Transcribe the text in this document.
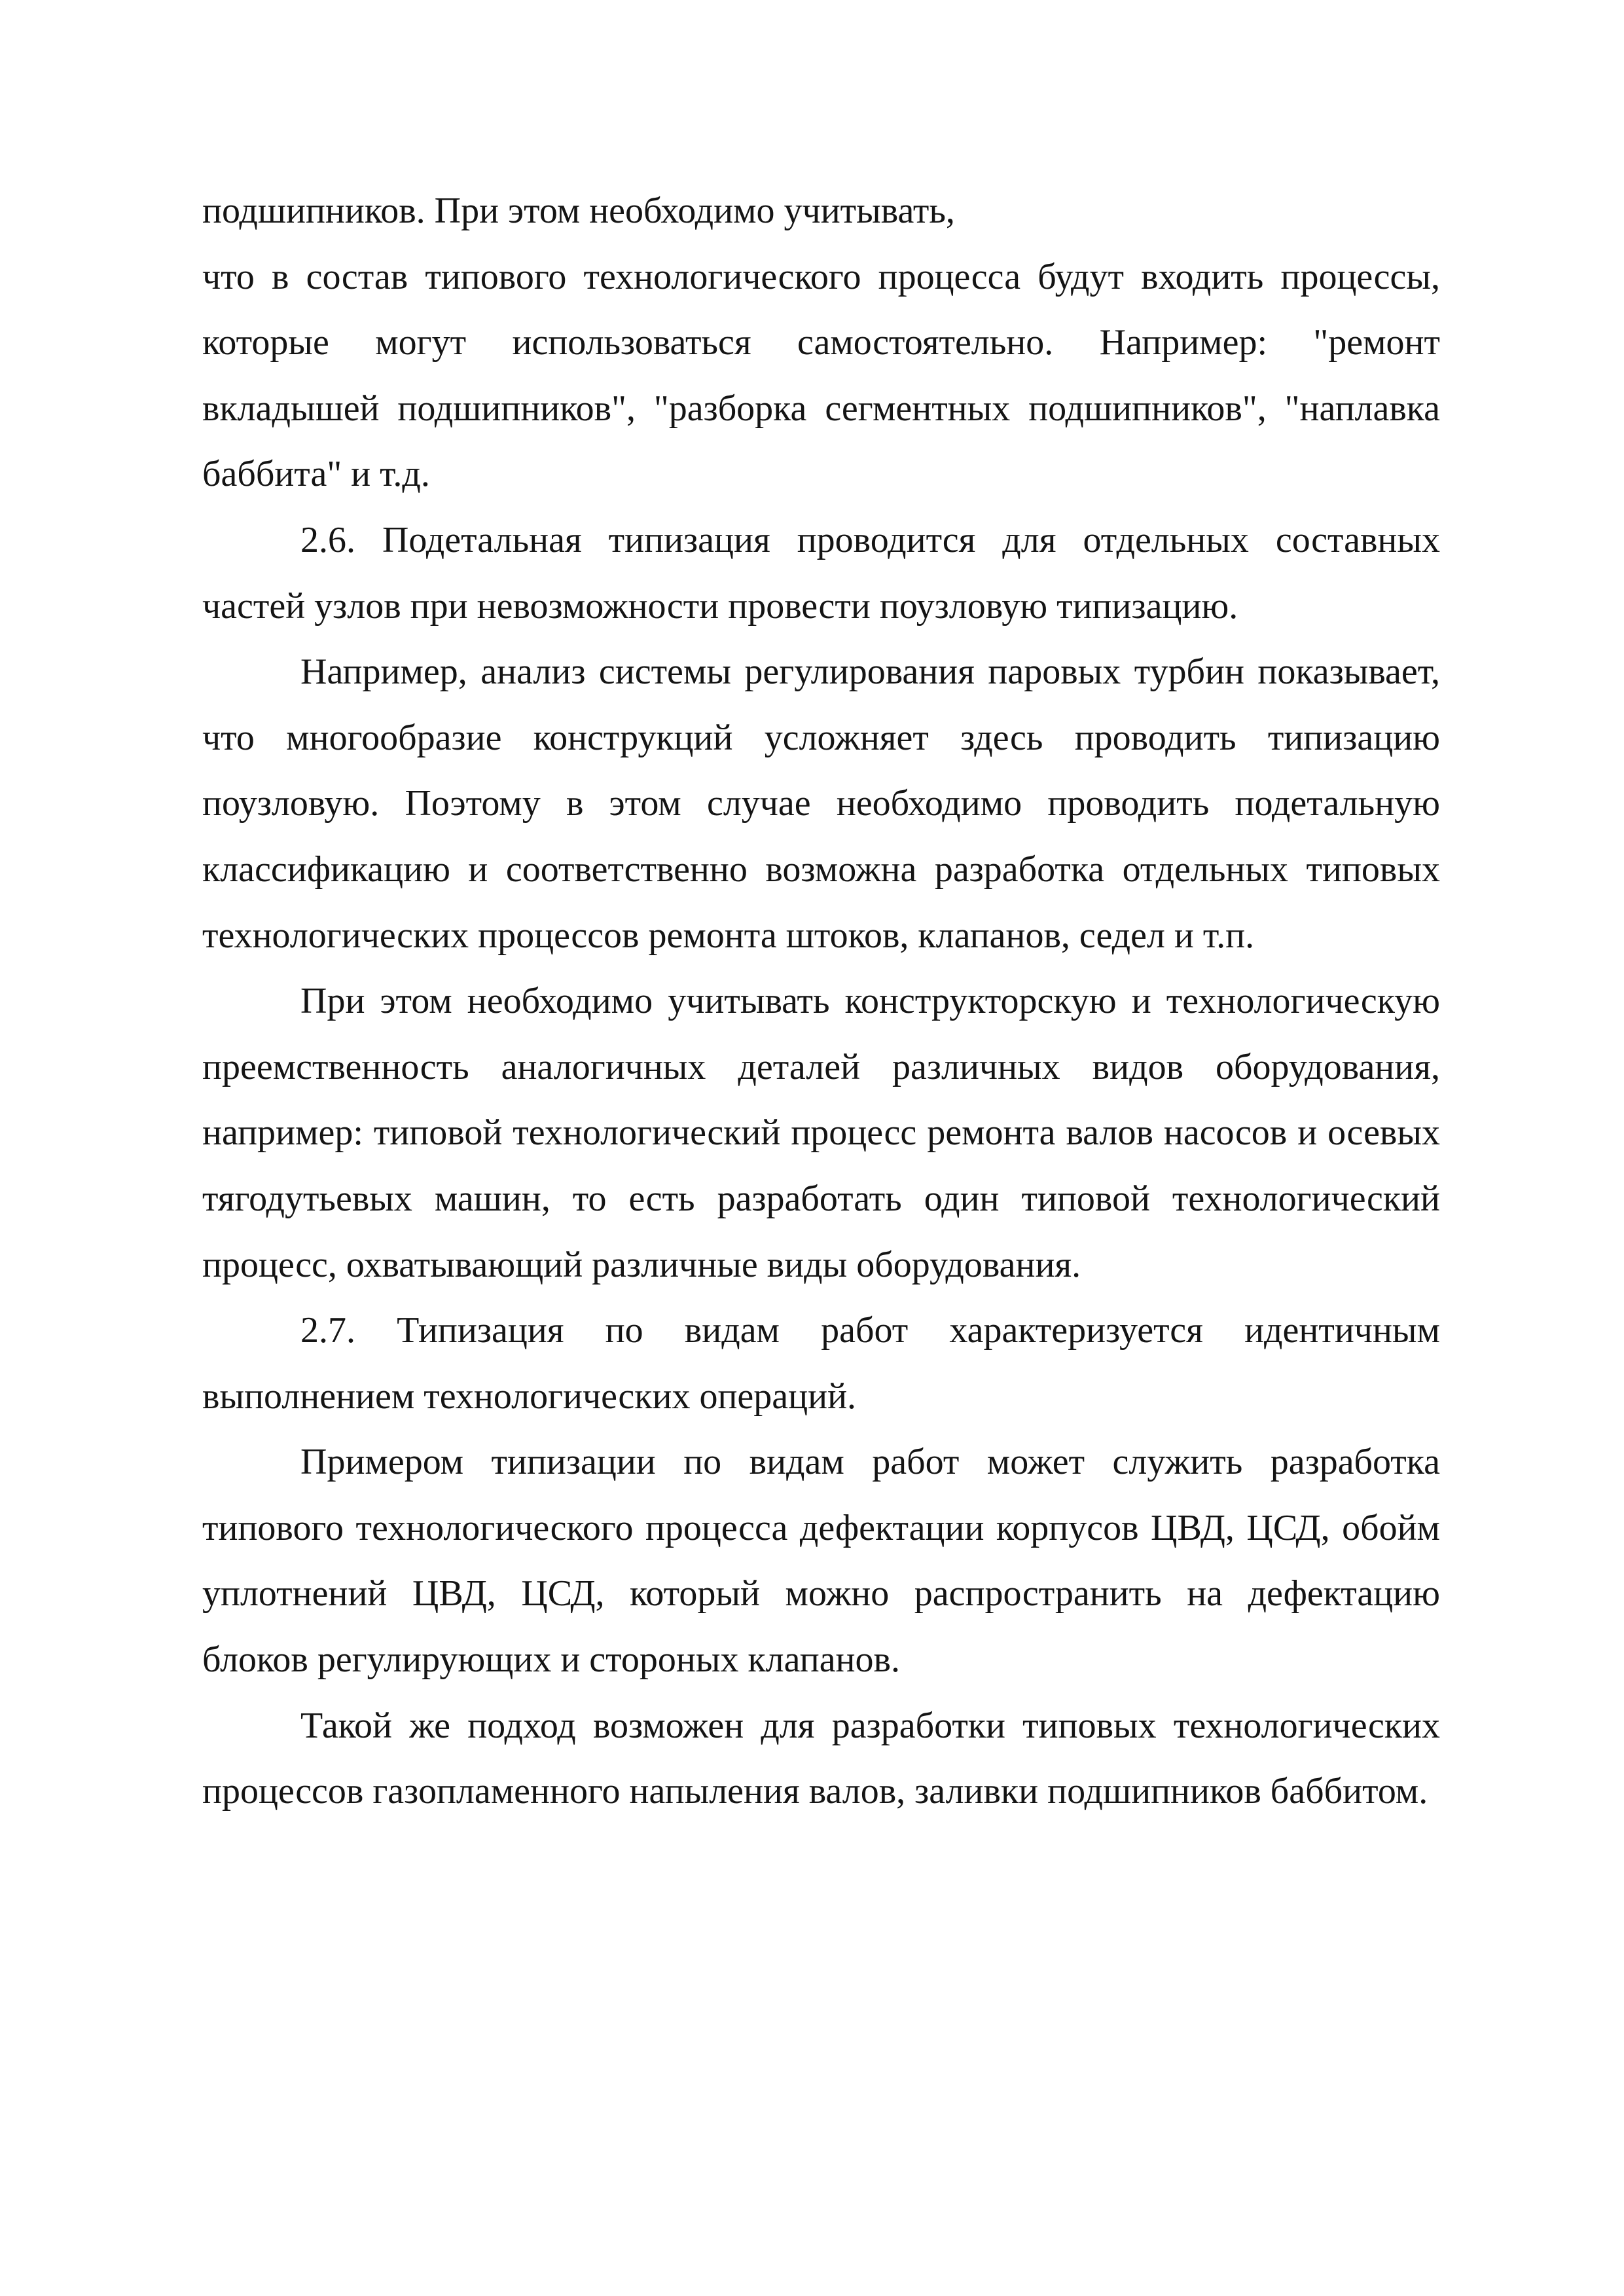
подшипников. При этом необходимо учитывать,

что в состав типового технологического процесса будут входить процессы, которые могут использоваться самостоятельно. Например: "ремонт вкладышей подшипников", "разборка сегментных подшипников", "наплавка баббита" и т.д.

2.6. Подетальная типизация проводится для отдельных составных частей узлов при невозможности провести поузловую типизацию.

Например, анализ системы регулирования паровых турбин показывает, что многообразие конструкций усложняет здесь проводить типизацию поузловую. Поэтому в этом случае необходимо проводить подетальную классификацию и соответственно возможна разработка отдельных типовых технологических процессов ремонта штоков, клапанов, седел и т.п.

При этом необходимо учитывать конструкторскую и технологическую преемственность аналогичных деталей различных видов оборудования, например: типовой технологический процесс ремонта валов насосов и осевых тягодутьевых машин, то есть разработать один типовой технологический процесс, охватывающий различные виды оборудования.

2.7. Типизация по видам работ характеризуется идентичным выполнением технологических операций.

Примером типизации по видам работ может служить разработка типового технологического процесса дефектации корпусов ЦВД, ЦСД, обойм уплотнений ЦВД, ЦСД, который можно распространить на дефектацию блоков регулирующих и стороных клапанов.

Такой же подход возможен для разработки типовых технологических процессов газопламенного напыления валов, заливки подшипников баббитом.
